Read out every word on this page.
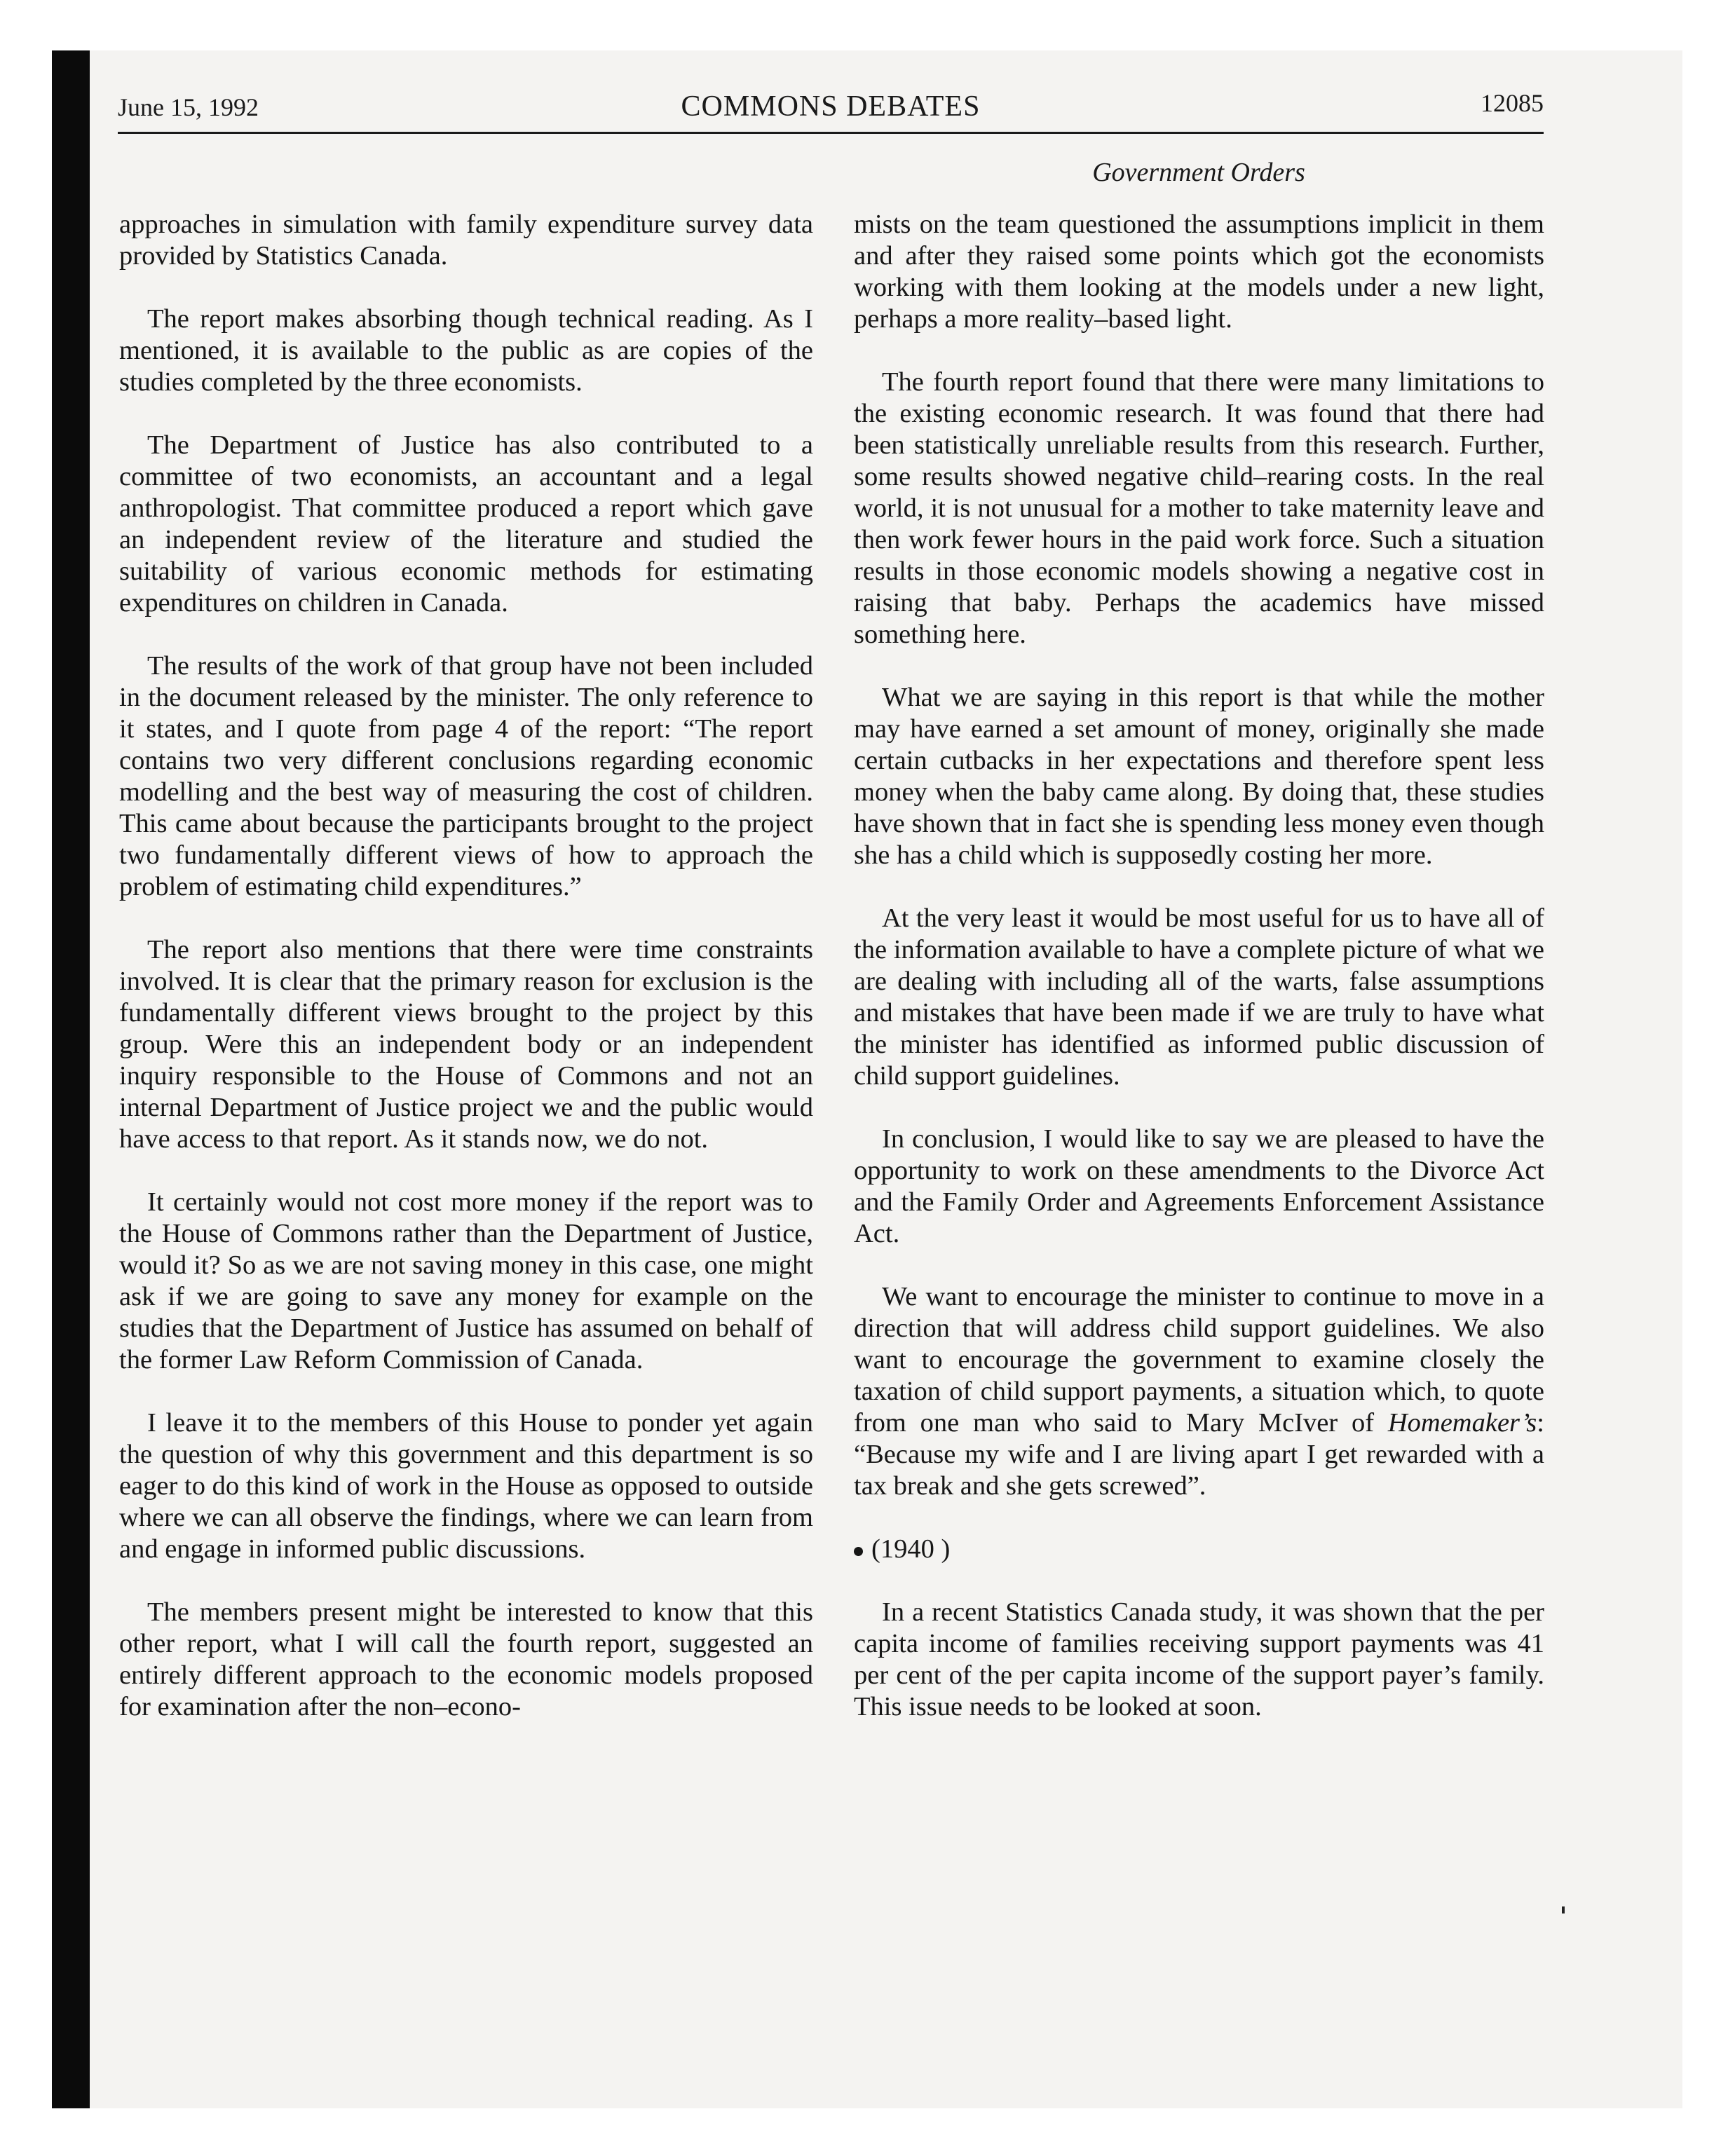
June 15, 1992	COMMONS DEBATES	12085
Government Orders

approaches in simulation with family expenditure survey data provided by Statistics Canada.

The report makes absorbing though technical reading. As I mentioned, it is available to the public as are copies of the studies completed by the three economists.

The Department of Justice has also contributed to a committee of two economists, an accountant and a legal anthropologist. That committee produced a report which gave an independent review of the literature and studied the suitability of various economic methods for estimating expenditures on children in Canada.

The results of the work of that group have not been included in the document released by the minister. The only reference to it states, and I quote from page 4 of the report: “The report contains two very different conclusions regarding economic modelling and the best way of measuring the cost of children. This came about because the participants brought to the project two fundamentally different views of how to approach the problem of estimating child expenditures.”

The report also mentions that there were time constraints involved. It is clear that the primary reason for exclusion is the fundamentally different views brought to the project by this group. Were this an independent body or an independent inquiry responsible to the House of Commons and not an internal Department of Justice project we and the public would have access to that report. As it stands now, we do not.

It certainly would not cost more money if the report was to the House of Commons rather than the Department of Justice, would it? So as we are not saving money in this case, one might ask if we are going to save any money for example on the studies that the Department of Justice has assumed on behalf of the former Law Reform Commission of Canada.

I leave it to the members of this House to ponder yet again the question of why this government and this department is so eager to do this kind of work in the House as opposed to outside where we can all observe the findings, where we can learn from and engage in informed public discussions.

The members present might be interested to know that this other report, what I will call the fourth report, suggested an entirely different approach to the economic models proposed for examination after the non–econo-

mists on the team questioned the assumptions implicit in them and after they raised some points which got the economists working with them looking at the models under a new light, perhaps a more reality–based light.

The fourth report found that there were many limitations to the existing economic research. It was found that there had been statistically unreliable results from this research. Further, some results showed negative child–rearing costs. In the real world, it is not unusual for a mother to take maternity leave and then work fewer hours in the paid work force. Such a situation results in those economic models showing a negative cost in raising that baby. Perhaps the academics have missed something here.

What we are saying in this report is that while the mother may have earned a set amount of money, originally she made certain cutbacks in her expectations and therefore spent less money when the baby came along. By doing that, these studies have shown that in fact she is spending less money even though she has a child which is supposedly costing her more.

At the very least it would be most useful for us to have all of the information available to have a complete picture of what we are dealing with including all of the warts, false assumptions and mistakes that have been made if we are truly to have what the minister has identified as informed public discussion of child support guidelines.

In conclusion, I would like to say we are pleased to have the opportunity to work on these amendments to the Divorce Act and the Family Order and Agreements Enforcement Assistance Act.

We want to encourage the minister to continue to move in a direction that will address child support guidelines. We also want to encourage the government to examine closely the taxation of child support payments, a situation which, to quote from one man who said to Mary McIver of Homemaker’s: “Because my wife and I are living apart I get rewarded with a tax break and she gets screwed”.

(1940 )

In a recent Statistics Canada study, it was shown that the per capita income of families receiving support payments was 41 per cent of the per capita income of the support payer’s family. This issue needs to be looked at soon.
